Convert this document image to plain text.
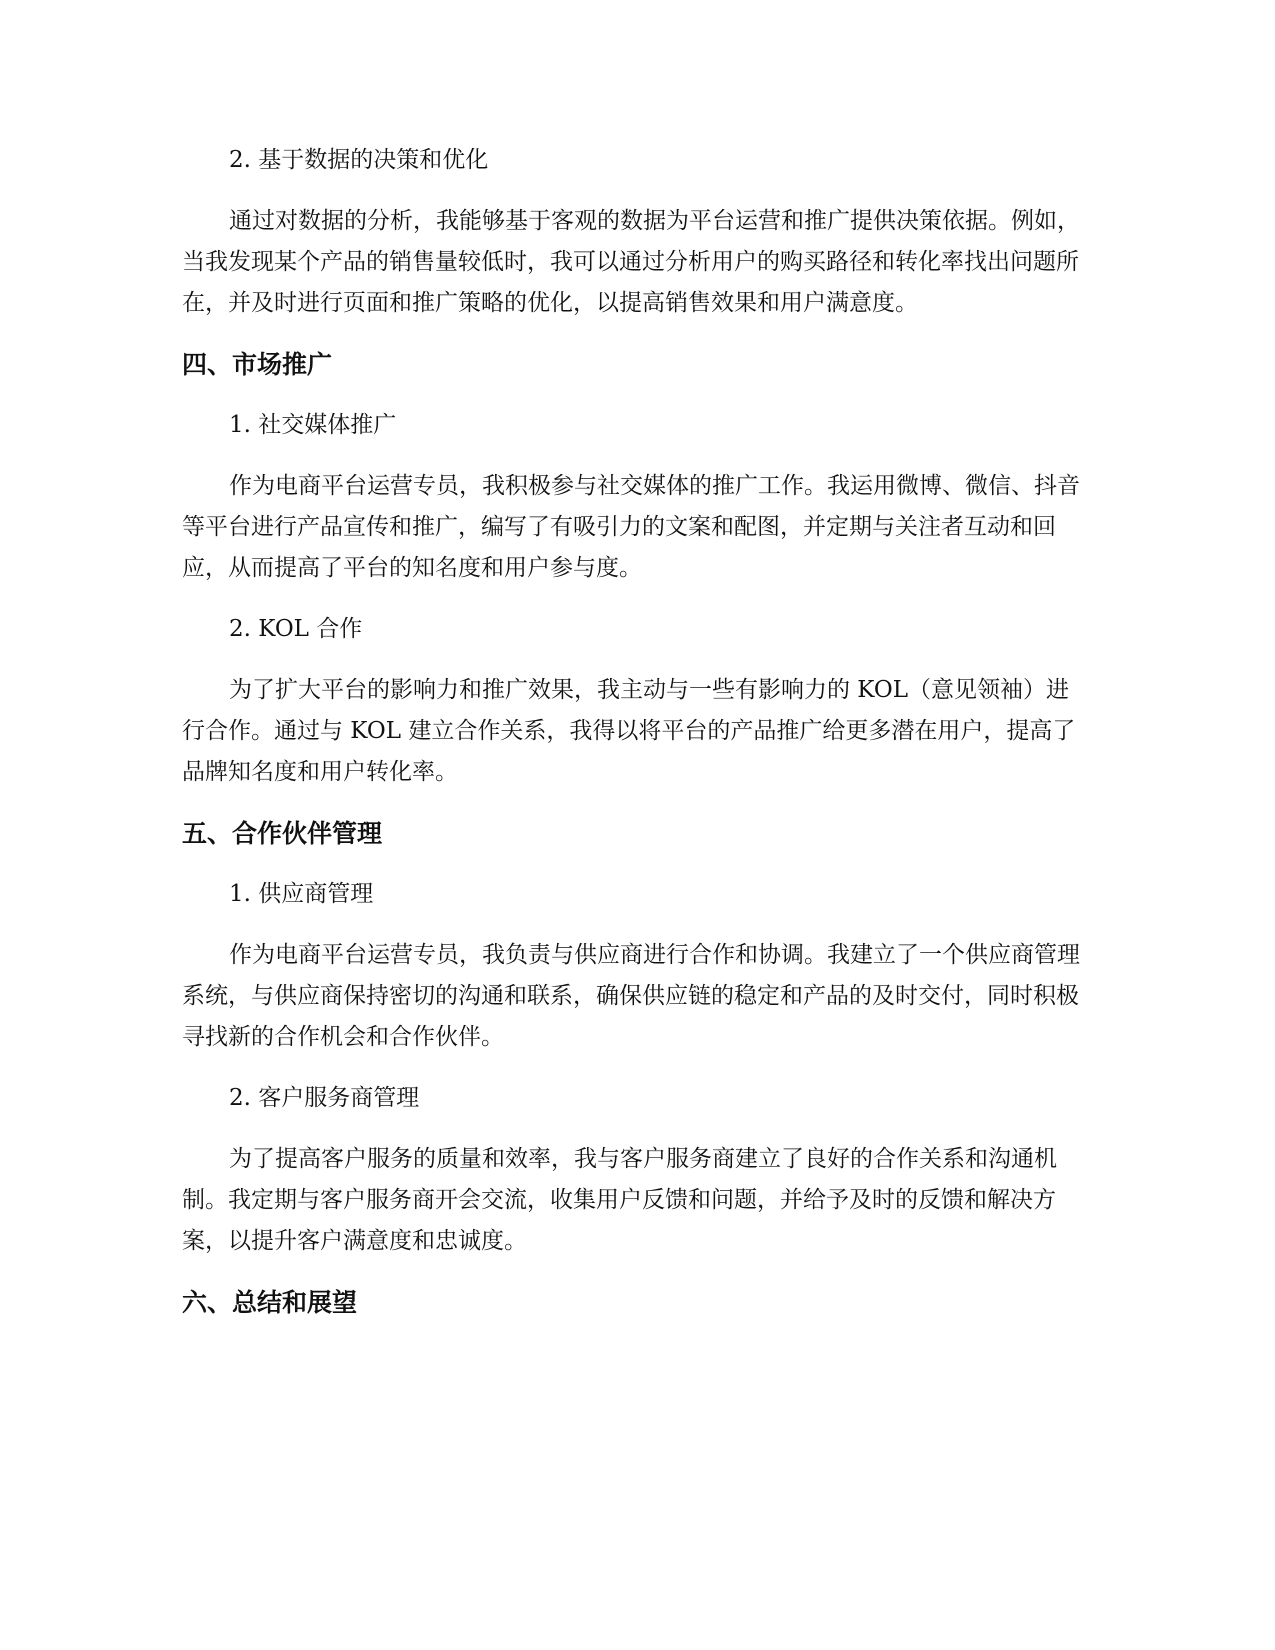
2. 基于数据的决策和优化
通过对数据的分析，我能够基于客观的数据为平台运营和推广提供决策依据。例如，当我发现某个产品的销售量较低时，我可以通过分析用户的购买路径和转化率找出问题所在，并及时进行页面和推广策略的优化，以提高销售效果和用户满意度。
四、市场推广
1. 社交媒体推广
作为电商平台运营专员，我积极参与社交媒体的推广工作。我运用微博、微信、抖音等平台进行产品宣传和推广，编写了有吸引力的文案和配图，并定期与关注者互动和回应，从而提高了平台的知名度和用户参与度。
2. KOL 合作
为了扩大平台的影响力和推广效果，我主动与一些有影响力的 KOL（意见领袖）进行合作。通过与 KOL 建立合作关系，我得以将平台的产品推广给更多潜在用户，提高了品牌知名度和用户转化率。
五、合作伙伴管理
1. 供应商管理
作为电商平台运营专员，我负责与供应商进行合作和协调。我建立了一个供应商管理系统，与供应商保持密切的沟通和联系，确保供应链的稳定和产品的及时交付，同时积极寻找新的合作机会和合作伙伴。
2. 客户服务商管理
为了提高客户服务的质量和效率，我与客户服务商建立了良好的合作关系和沟通机制。我定期与客户服务商开会交流，收集用户反馈和问题，并给予及时的反馈和解决方案，以提升客户满意度和忠诚度。
六、总结和展望
